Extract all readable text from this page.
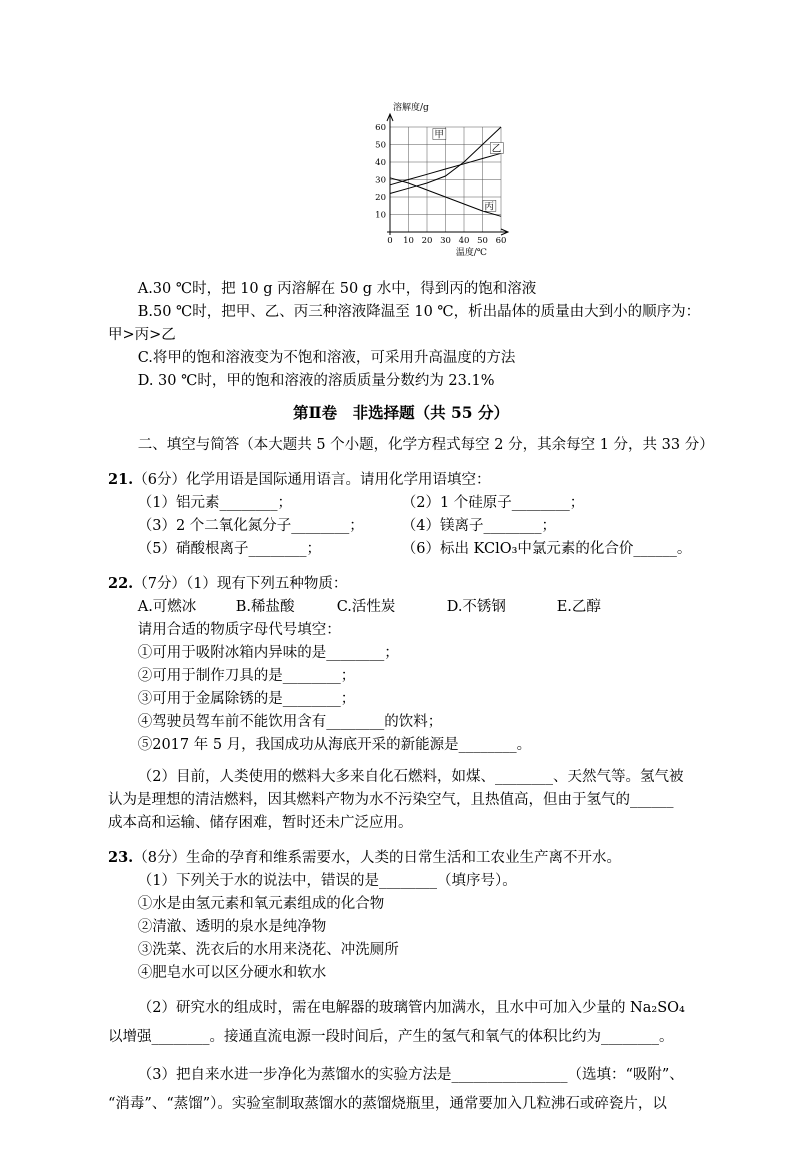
10
20
30
40
50
60
0 10 20 30 40 50 60
溶解度/g
温度/℃
甲
乙
丙
A.30 ℃时，把 10 g 丙溶解在 50 g 水中，得到丙的饱和溶液
B.50 ℃时，把甲、乙、丙三种溶液降温至 10 ℃，析出晶体的质量由大到小的顺序为：
甲>丙>乙
C.将甲的饱和溶液变为不饱和溶液，可采用升高温度的方法
D. 30 ℃时，甲的饱和溶液的溶质质量分数约为 23.1%
第Ⅱ卷　非选择题（共 55 分）
二、填空与简答（本大题共 5 个小题，化学方程式每空 2 分，其余每空 1 分，共 33 分）
21.（6分）化学用语是国际通用语言。请用化学用语填空：
（1）铝元素________；	（2）1 个硅原子________；
（3）2 个二氧化氮分子________；	（4）镁离子________；
（5）硝酸根离子________；	（6）标出 KClO₃中氯元素的化合价______。
22.（7分）（1）现有下列五种物质：
A.可燃冰	B.稀盐酸	C.活性炭	D.不锈钢	E.乙醇
请用合适的物质字母代号填空：
①可用于吸附冰箱内异味的是________；
②可用于制作刀具的是________；
③可用于金属除锈的是________；
④驾驶员驾车前不能饮用含有________的饮料；
⑤2017 年 5 月，我国成功从海底开采的新能源是________。
（2）目前，人类使用的燃料大多来自化石燃料，如煤、________、天然气等。氢气被
认为是理想的清洁燃料，因其燃料产物为水不污染空气，且热值高，但由于氢气的______
成本高和运输、储存困难，暂时还未广泛应用。
23.（8分）生命的孕育和维系需要水，人类的日常生活和工农业生产离不开水。
（1）下列关于水的说法中，错误的是________（填序号）。
①水是由氢元素和氧元素组成的化合物
②清澈、透明的泉水是纯净物
③洗菜、洗衣后的水用来浇花、冲洗厕所
④肥皂水可以区分硬水和软水
（2）研究水的组成时，需在电解器的玻璃管内加满水，且水中可加入少量的 Na₂SO₄
以增强________。接通直流电源一段时间后，产生的氢气和氧气的体积比约为________。
（3）把自来水进一步净化为蒸馏水的实验方法是________________（选填：“吸附”、
“消毒”、“蒸馏”）。实验室制取蒸馏水的蒸馏烧瓶里，通常要加入几粒沸石或碎瓷片，以
